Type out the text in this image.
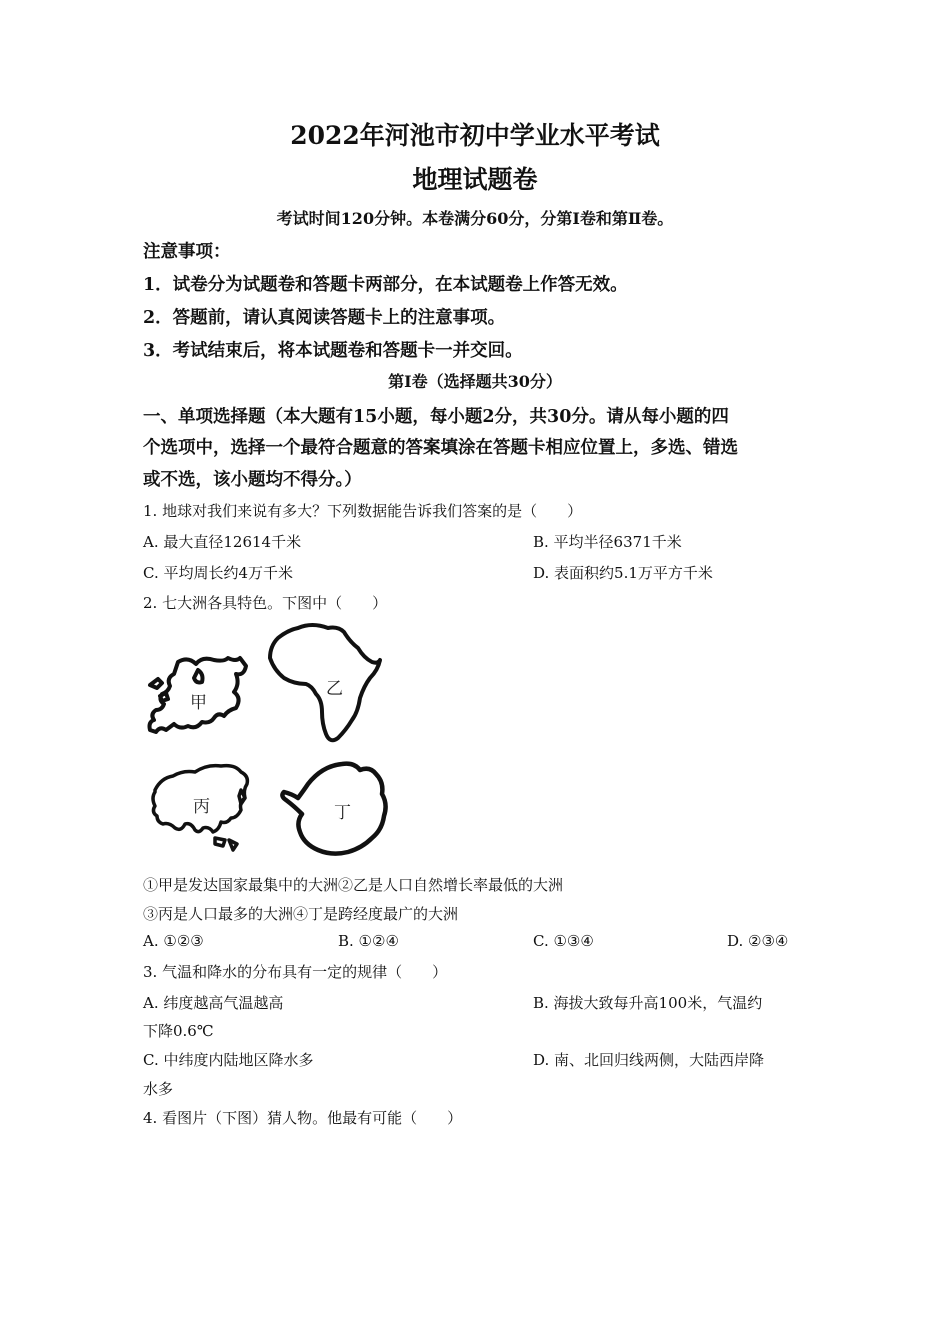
2022年河池市初中学业水平考试
地理试题卷
考试时间120分钟。本卷满分60分，分第Ⅰ卷和第Ⅱ卷。
注意事项：
1．试卷分为试题卷和答题卡两部分，在本试题卷上作答无效。
2．答题前，请认真阅读答题卡上的注意事项。
3．考试结束后，将本试题卷和答题卡一并交回。
第Ⅰ卷（选择题共30分）
一、单项选择题（本大题有15小题，每小题2分，共30分。请从每小题的四
个选项中，选择一个最符合题意的答案填涂在答题卡相应位置上，多选、错选
或不选，该小题均不得分。）
1. 地球对我们来说有多大？下列数据能告诉我们答案的是（　　）
A. 最大直径12614千米	B. 平均半径6371千米
C. 平均周长约4万千米	D. 表面积约5.1万平方千米
2. 七大洲各具特色。下图中（　　）
甲
乙
丙	丁
①甲是发达国家最集中的大洲②乙是人口自然增长率最低的大洲
③丙是人口最多的大洲④丁是跨经度最广的大洲
A. ①②③	B. ①②④	C. ①③④	D. ②③④
3. 气温和降水的分布具有一定的规律（　　）
A. 纬度越高气温越高	B. 海拔大致每升高100米，气温约
下降0.6℃
C. 中纬度内陆地区降水多	D. 南、北回归线两侧，大陆西岸降
水多
4. 看图片（下图）猜人物。他最有可能（　　）
